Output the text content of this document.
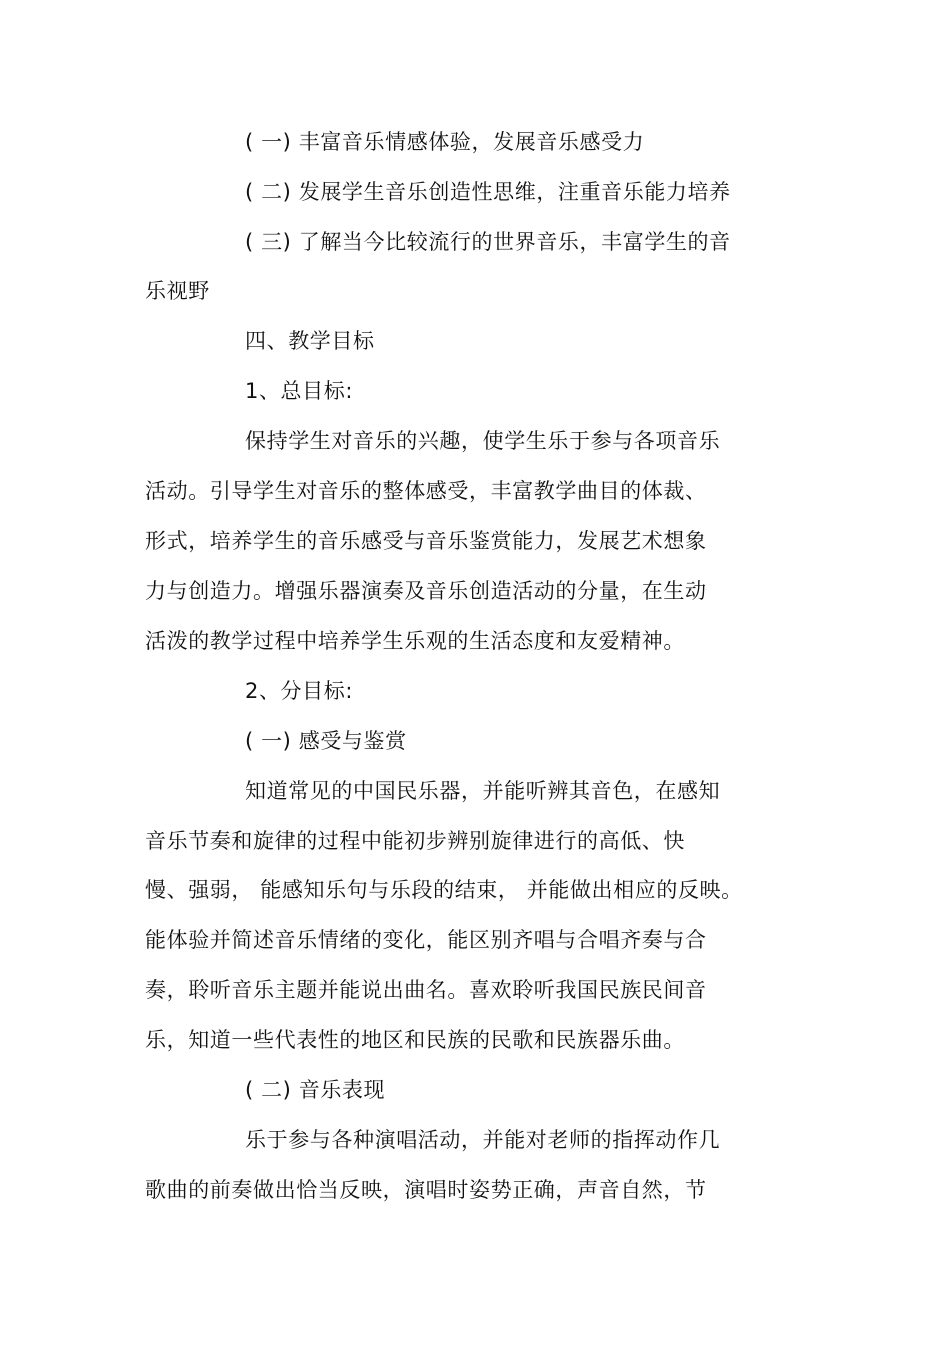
( 一) 丰富音乐情感体验，发展音乐感受力
( 二) 发展学生音乐创造性思维，注重音乐能力培养
( 三) 了解当今比较流行的世界音乐，丰富学生的音
乐视野
四、教学目标
1、总目标:
保持学生对音乐的兴趣，使学生乐于参与各项音乐
活动。引导学生对音乐的整体感受，丰富教学曲目的体裁、
形式，培养学生的音乐感受与音乐鉴赏能力，发展艺术想象
力与创造力。增强乐器演奏及音乐创造活动的分量，在生动
活泼的教学过程中培养学生乐观的生活态度和友爱精神。
2、分目标:
( 一) 感受与鉴赏
知道常见的中国民乐器，并能听辨其音色，在感知
音乐节奏和旋律的过程中能初步辨别旋律进行的高低、快
慢、强弱， 能感知乐句与乐段的结束， 并能做出相应的反映。
能体验并简述音乐情绪的变化，能区别齐唱与合唱齐奏与合
奏，聆听音乐主题并能说出曲名。喜欢聆听我国民族民间音
乐，知道一些代表性的地区和民族的民歌和民族器乐曲。
( 二) 音乐表现
乐于参与各种演唱活动，并能对老师的指挥动作几
歌曲的前奏做出恰当反映，演唱时姿势正确，声音自然，节
